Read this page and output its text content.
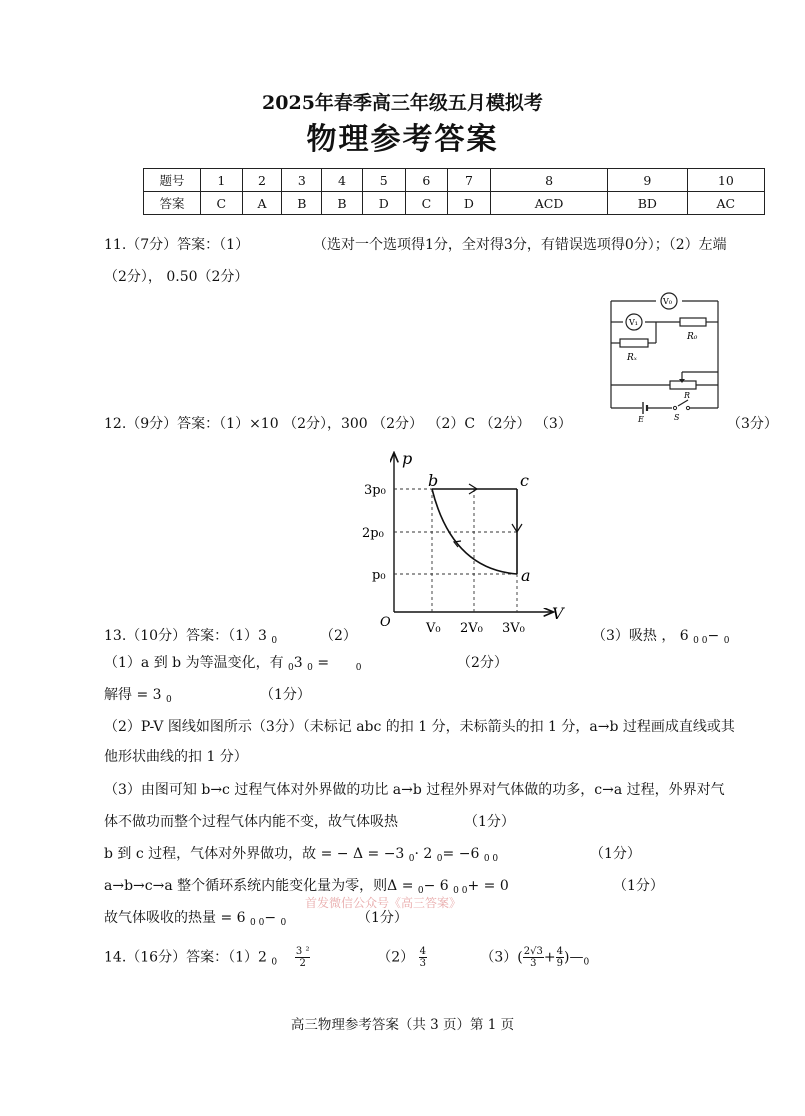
2025年春季高三年级五月模拟考
物理参考答案
题号	1	2	3	4	5	6	7	8	9	10
答案	C	A	B	B	D	C	D	ACD	BD	AC
11.（7分）答案：（1）	（选对一个选项得1分，全对得3分，有错误选项得0分）；（2）左端
（2分）， 0.50（2分）
V₀
V₁
R₀
Rₓ
R
E	S
12.（9分）答案：（1）×10 （2分），300 （2分） （2）C （2分） （3）	（3分）
p
V
O
3p₀
2p₀
p₀
V₀ 2V₀ 3V₀
b	c
a
13.（10分）答案：（1）3 $_0$	（2）	（3）吸热 ， 6 $_{0 0}$− $_0$
（1）a 到 b 为等温变化，有 $_0$3 $_0$ =	$_0$	（2分）
解得 = 3 $_0$	（1分）
（2）P-V 图线如图所示（3分）（未标记 abc 的扣 1 分，未标箭头的扣 1 分，a→b 过程画成直线或其
他形状曲线的扣 1 分）
（3）由图可知 b→c 过程气体对外界做的功比 a→b 过程外界对气体做的功多，c→a 过程，外界对气
体不做功而整个过程气体内能不变，故气体吸热	（1分）
b 到 c 过程，气体对外界做功，故 = − Δ = −3 $_0$· 2 $_0$= −6 $_{0 0}$	（1分）
a→b→c→a 整个循环系统内能变化量为零，则Δ = $_0$− 6 $_{0 0}$+ = 0	（1分）
首发微信公众号《高三答案》
故气体吸收的热量 = 6 $_{0 0}$− $_0$	（1分）
14.（16分）答案：（1）2 $_0 \frac{\text{3 ²}}{2}$	$(2) \frac{4}{3}$	$(3)( \frac{2√3}{3} + \frac{4}{9}$ )$—_0$
高三物理参考答案（共 3 页）第 1 页
